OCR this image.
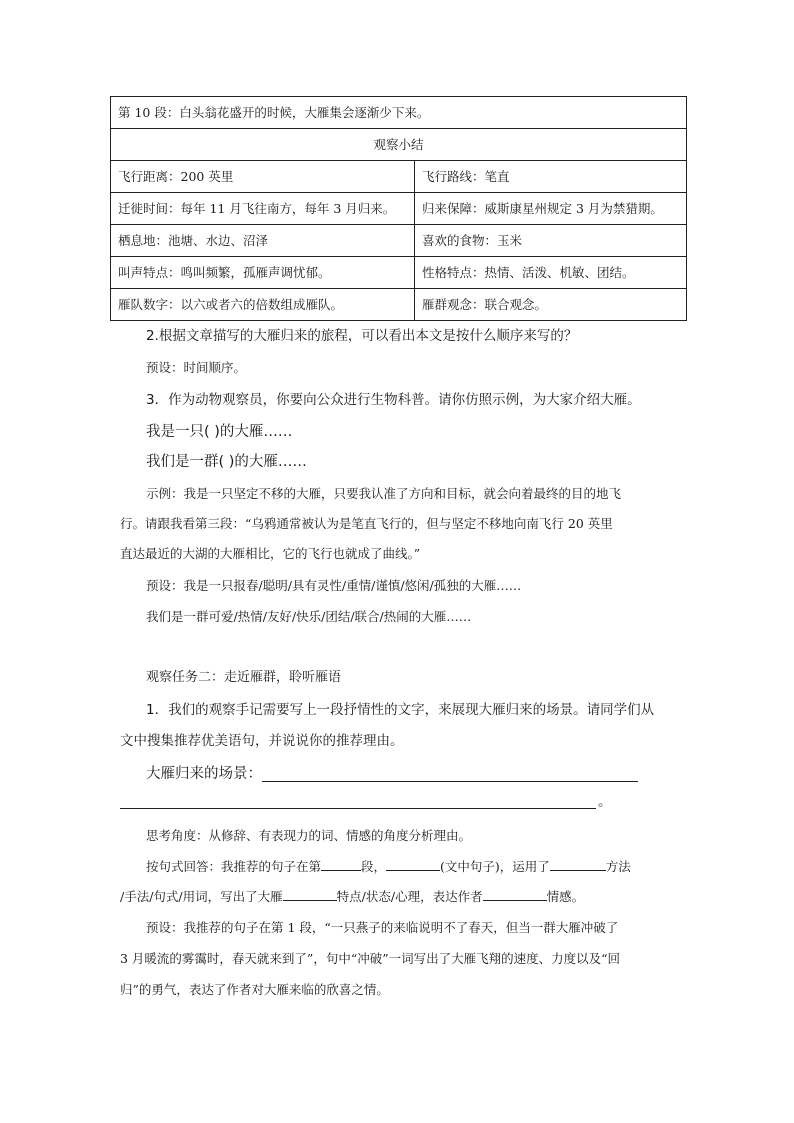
第 10 段：白头翁花盛开的时候，大雁集会逐渐少下来。	
观察小结	
飞行距离：200 英里	飞行路线：笔直
迁徙时间：每年 11 月飞往南方，每年 3 月归来。	归来保障：威斯康星州规定 3 月为禁猎期。
栖息地：池塘、水边、沼泽	喜欢的食物：玉米
叫声特点：鸣叫频繁，孤雁声调忧郁。	性格特点：热情、活泼、机敏、团结。
雁队数字：以六或者六的倍数组成雁队。	雁群观念：联合观念。
2.根据文章描写的大雁归来的旅程，可以看出本文是按什么顺序来写的？
预设：时间顺序。
3．作为动物观察员，你要向公众进行生物科普。请你仿照示例，为大家介绍大雁。
我是一只( )的大雁……
我们是一群( )的大雁……
示例：我是一只坚定不移的大雁，只要我认准了方向和目标，就会向着最终的目的地飞
行。请跟我看第三段：“乌鸦通常被认为是笔直飞行的，但与坚定不移地向南飞行 20 英里
直达最近的大湖的大雁相比，它的飞行也就成了曲线。”
预设：我是一只报春/聪明/具有灵性/重情/谨慎/悠闲/孤独的大雁……
我们是一群可爱/热情/友好/快乐/团结/联合/热闹的大雁……
观察任务二：走近雁群，聆听雁语
1．我们的观察手记需要写上一段抒情性的文字，来展现大雁归来的场景。请同学们从
文中搜集推荐优美语句，并说说你的推荐理由。
大雁归来的场景：
。
思考角度：从修辞、有表现力的词、情感的角度分析理由。
按句式回答：我推荐的句子在第	段，	(文中句子)，运用了	方法
/手法/句式/用词，写出了大雁	特点/状态/心理，表达作者	情感。
预设：我推荐的句子在第 1 段，“一只燕子的来临说明不了春天，但当一群大雁冲破了
3 月暖流的雾霭时，春天就来到了”，句中“冲破”一词写出了大雁飞翔的速度、力度以及“回
归”的勇气，表达了作者对大雁来临的欣喜之情。
